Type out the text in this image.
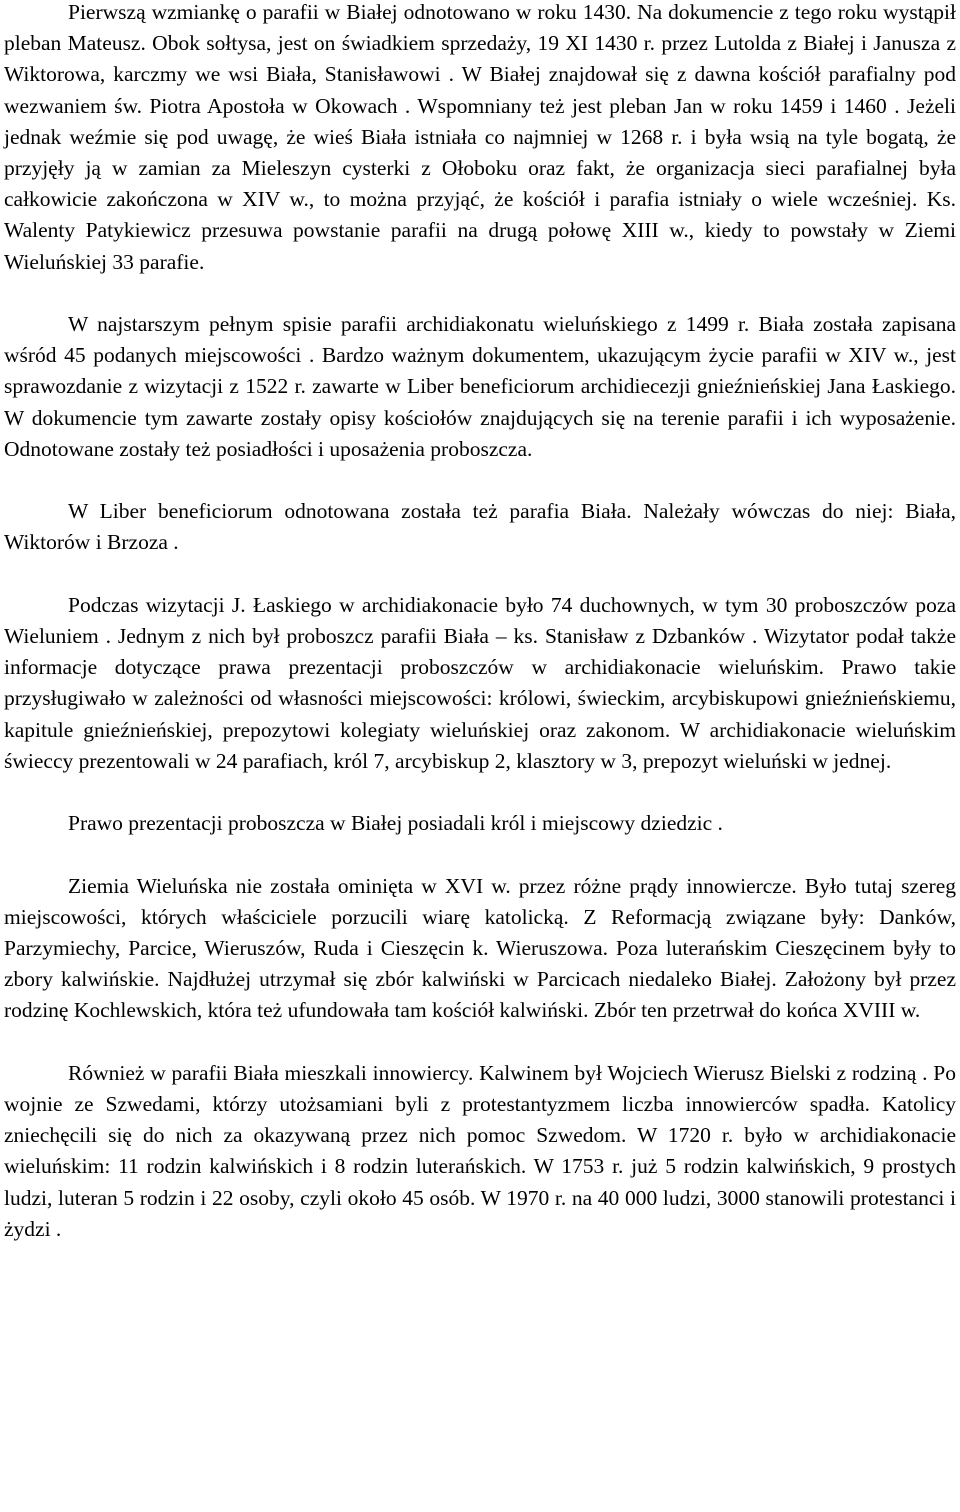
Pierwszą wzmiankę o parafii w Białej odnotowano w roku 1430. Na dokumencie z tego roku wystąpił pleban Mateusz. Obok sołtysa, jest on świadkiem sprzedaży, 19 XI 1430 r. przez Lutolda z Białej i Janusza z Wiktorowa, karczmy we wsi Biała, Stanisławowi . W Białej znajdował się z dawna kościół parafialny pod wezwaniem św. Piotra Apostoła w Okowach . Wspomniany też jest pleban Jan w roku 1459 i 1460 . Jeżeli jednak weźmie się pod uwagę, że wieś Biała istniała co najmniej w 1268 r. i była wsią na tyle bogatą, że przyjęły ją w zamian za Mieleszyn cysterki z Ołoboku oraz fakt, że organizacja sieci parafialnej była całkowicie zakończona w XIV w., to można przyjąć, że kościół i parafia istniały o wiele wcześniej. Ks. Walenty Patykiewicz przesuwa powstanie parafii na drugą połowę XIII w., kiedy to powstały w Ziemi Wieluńskiej 33 parafie.

W najstarszym pełnym spisie parafii archidiakonatu wieluńskiego z 1499 r. Biała została zapisana wśród 45 podanych miejscowości . Bardzo ważnym dokumentem, ukazującym życie parafii w XIV w., jest sprawozdanie z wizytacji z 1522 r. zawarte w Liber beneficiorum archidiecezji gnieźnieńskiej Jana Łaskiego. W dokumencie tym zawarte zostały opisy kościołów znajdujących się na terenie parafii i ich wyposażenie. Odnotowane zostały też posiadłości i uposażenia proboszcza.

W Liber beneficiorum odnotowana została też parafia Biała. Należały wówczas do niej: Biała, Wiktorów i Brzoza .

Podczas wizytacji J. Łaskiego w archidiakonacie było 74 duchownych, w tym 30 proboszczów poza Wieluniem . Jednym z nich był proboszcz parafii Biała – ks. Stanisław z Dzbanków . Wizytator podał także informacje dotyczące prawa prezentacji proboszczów w archidiakonacie wieluńskim. Prawo takie przysługiwało w zależności od własności miejscowości: królowi, świeckim, arcybiskupowi gnieźnieńskiemu, kapitule gnieźnieńskiej, prepozytowi kolegiaty wieluńskiej oraz zakonom. W archidiakonacie wieluńskim świeccy prezentowali w 24 parafiach, król 7, arcybiskup 2, klasztory w 3, prepozyt wieluński w jednej.

Prawo prezentacji proboszcza w Białej posiadali król i miejscowy dziedzic .

Ziemia Wieluńska nie została ominięta w XVI w. przez różne prądy innowiercze. Było tutaj szereg miejscowości, których właściciele porzucili wiarę katolicką. Z Reformacją związane były: Danków, Parzymiechy, Parcice, Wieruszów, Ruda i Cieszęcin k. Wieruszowa. Poza luterańskim Cieszęcinem były to zbory kalwińskie. Najdłużej utrzymał się zbór kalwiński w Parcicach niedaleko Białej. Założony był przez rodzinę Kochlewskich, która też ufundowała tam kościół kalwiński. Zbór ten przetrwał do końca XVIII w.

Również w parafii Biała mieszkali innowiercy. Kalwinem był Wojciech Wierusz Bielski z rodziną . Po wojnie ze Szwedami, którzy utożsamiani byli z protestantyzmem liczba innowierców spadła. Katolicy zniechęcili się do nich za okazywaną przez nich pomoc Szwedom. W 1720 r. było w archidiakonacie wieluńskim: 11 rodzin kalwińskich i 8 rodzin luterańskich. W 1753 r. już 5 rodzin kalwińskich, 9 prostych ludzi, luteran 5 rodzin i 22 osoby, czyli około 45 osób. W 1970 r. na 40 000 ludzi, 3000 stanowili protestanci i żydzi .
